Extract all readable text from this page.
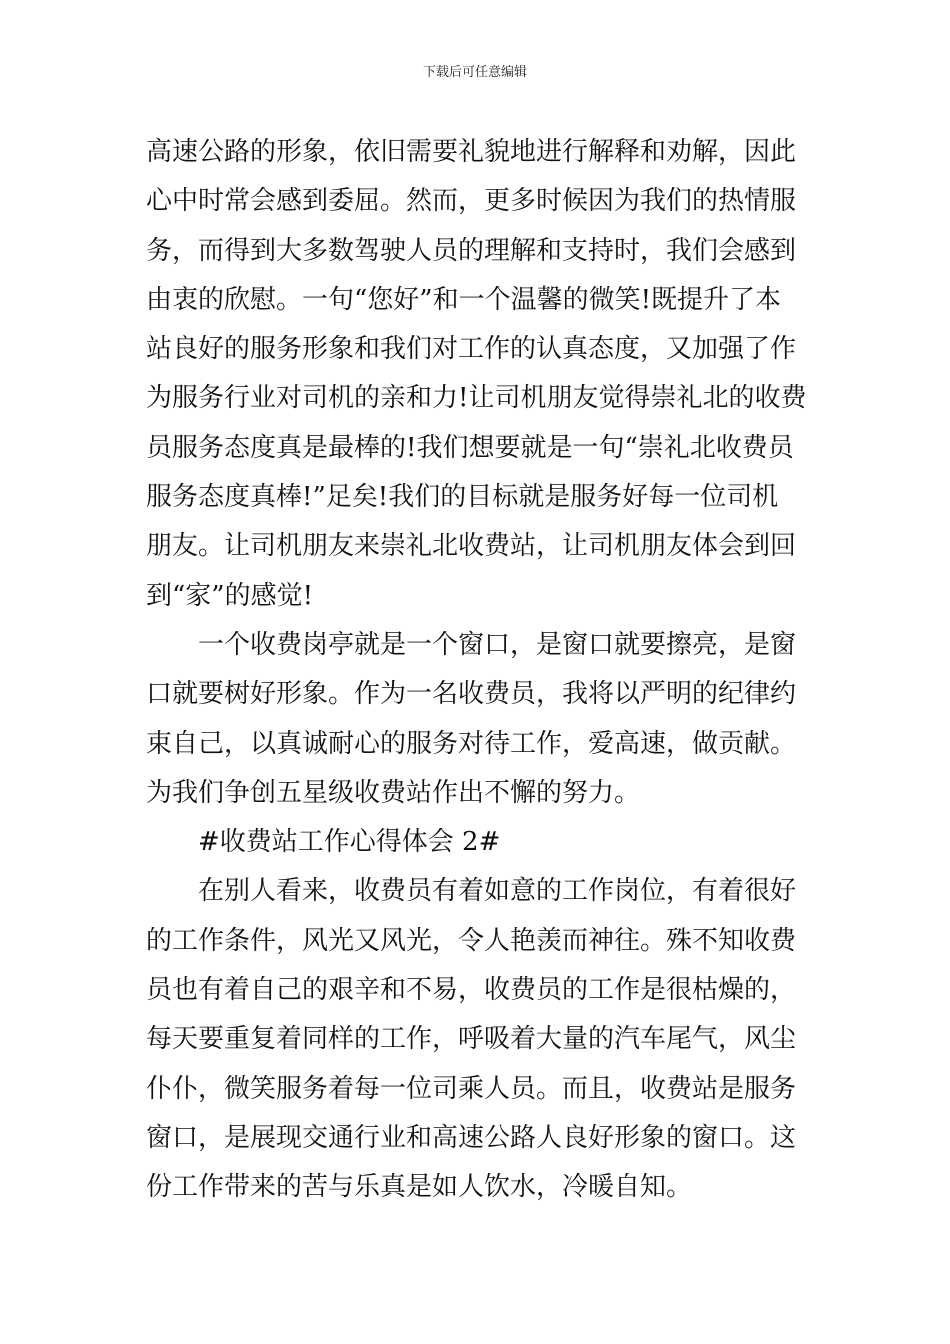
下载后可任意编辑
高速公路的形象，依旧需要礼貌地进行解释和劝解，因此
心中时常会感到委屈。然而，更多时候因为我们的热情服
务，而得到大多数驾驶人员的理解和支持时，我们会感到
由衷的欣慰。一句“您好”和一个温馨的微笑!既提升了本
站良好的服务形象和我们对工作的认真态度，又加强了作
为服务行业对司机的亲和力!让司机朋友觉得崇礼北的收费
员服务态度真是最棒的!我们想要就是一句“崇礼北收费员
服务态度真棒!”足矣!我们的目标就是服务好每一位司机
朋友。让司机朋友来崇礼北收费站，让司机朋友体会到回
到“家”的感觉!
一个收费岗亭就是一个窗口，是窗口就要擦亮，是窗
口就要树好形象。作为一名收费员，我将以严明的纪律约
束自己，以真诚耐心的服务对待工作，爱高速，做贡献。
为我们争创五星级收费站作出不懈的努力。
#收费站工作心得体会 2#
在别人看来，收费员有着如意的工作岗位，有着很好
的工作条件，风光又风光，令人艳羡而神往。殊不知收费
员也有着自己的艰辛和不易，收费员的工作是很枯燥的，
每天要重复着同样的工作，呼吸着大量的汽车尾气，风尘
仆仆，微笑服务着每一位司乘人员。而且，收费站是服务
窗口，是展现交通行业和高速公路人良好形象的窗口。这
份工作带来的苦与乐真是如人饮水，冷暖自知。
